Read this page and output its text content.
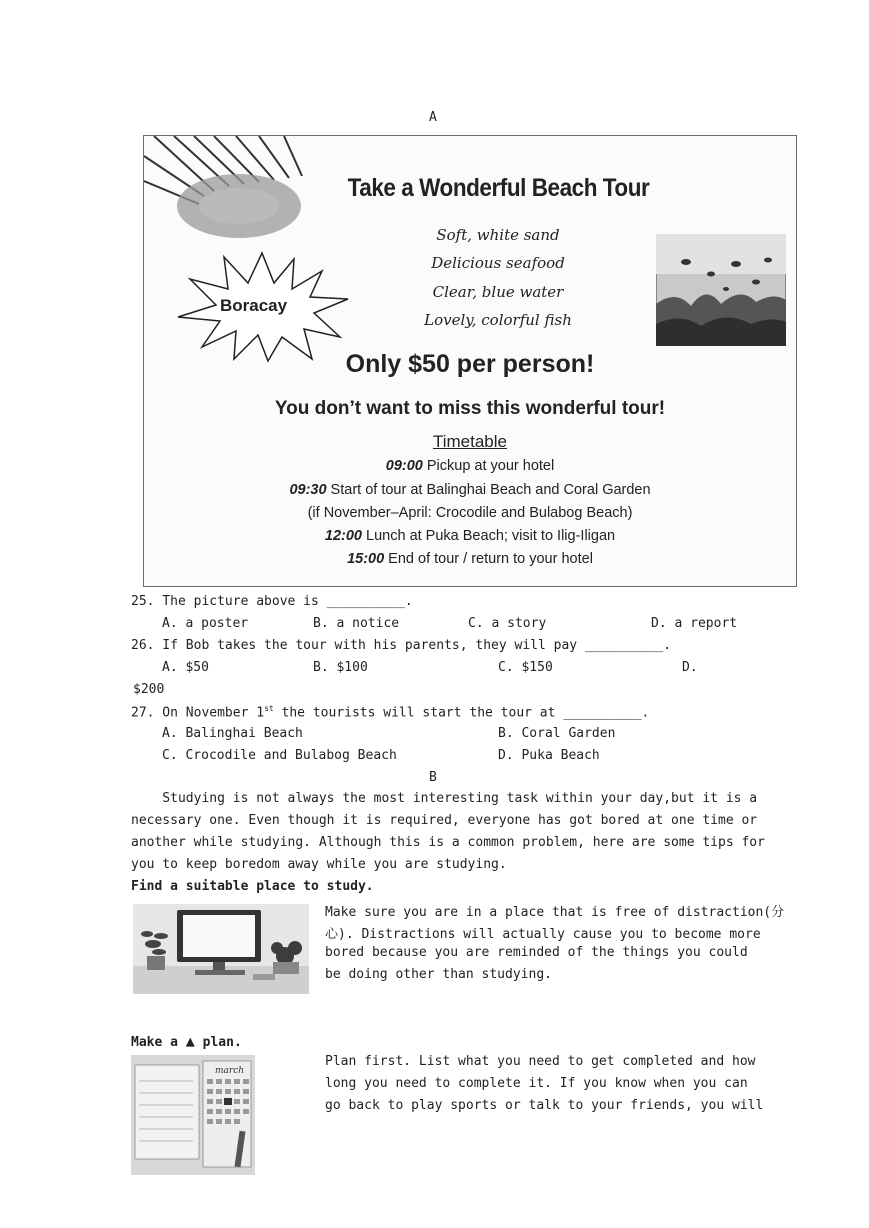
A
Take a Wonderful Beach Tour
Soft, white sand
Delicious seafood
Clear, blue water
Lovely, colorful fish
Boracay
Only $50 per person!
You don’t want to miss this wonderful tour!
Timetable
09:00 Pickup at your hotel
09:30 Start of tour at Balinghai Beach and Coral Garden
(if November–April: Crocodile and Bulabog Beach)
12:00 Lunch at Puka Beach; visit to Ilig-Iligan
15:00 End of tour / return to your hotel
25. The picture above is __________.
A. a poster	B. a notice	C. a story	D. a report
26. If Bob takes the tour with his parents, they will pay __________.
A. $50	B. $100	C. $150	D.
$200
27. On November 1st the tourists will start the tour at __________.
A. Balinghai Beach	B. Coral Garden
C. Crocodile and Bulabog Beach	D. Puka Beach
B
Studying is not always the most interesting task within your day,but it is a
necessary one. Even though it is required, everyone has got bored at one time or
another while studying. Although this is a common problem, here are some tips for
you to keep boredom away while you are studying.
Find a suitable place to study.
Make sure you are in a place that is free of distraction(分
心). Distractions will actually cause you to become more
bored because you are reminded of the things you could
be doing other than studying.
Make a ▲ plan.
march
Plan first. List what you need to get completed and how
long you need to complete it. If you know when you can
go back to play sports or talk to your friends, you will
